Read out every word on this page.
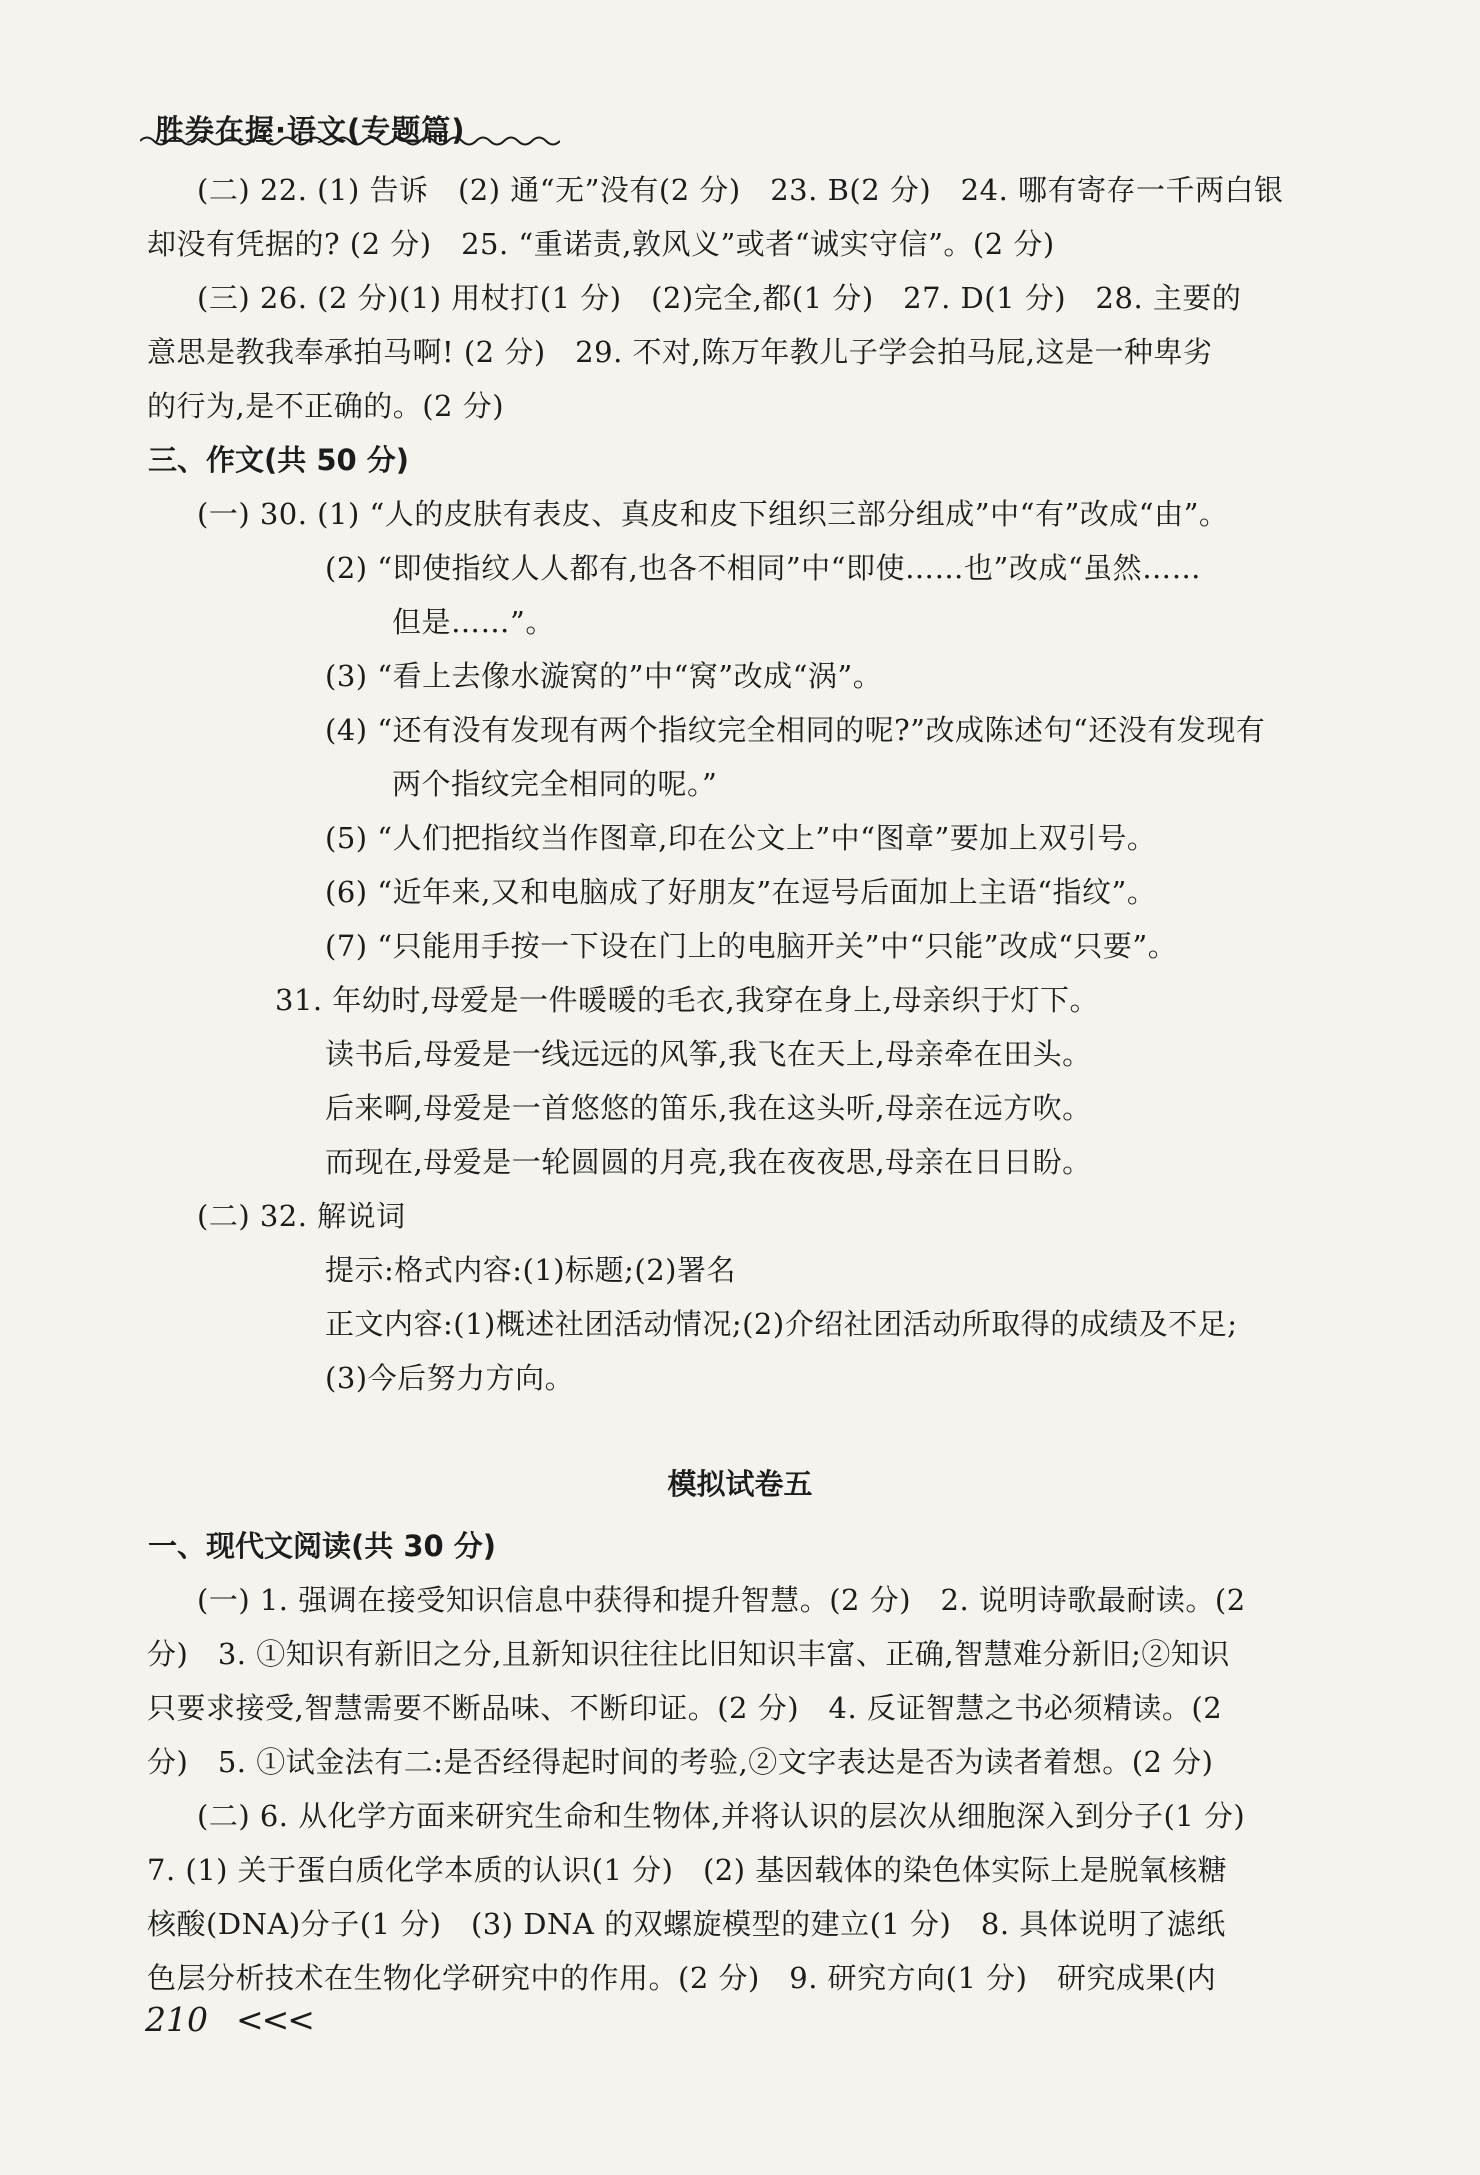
胜券在握·语文(专题篇)
(二) 22. (1) 告诉　(2) 通“无”没有(2 分)　23. B(2 分)　24. 哪有寄存一千两白银
却没有凭据的? (2 分)　25. “重诺责,敦风义”或者“诚实守信”。(2 分)
(三) 26. (2 分)(1) 用杖打(1 分)　(2)完全,都(1 分)　27. D(1 分)　28. 主要的
意思是教我奉承拍马啊! (2 分)　29. 不对,陈万年教儿子学会拍马屁,这是一种卑劣
的行为,是不正确的。(2 分)
三、作文(共 50 分)
(一) 30. (1) “人的皮肤有表皮、真皮和皮下组织三部分组成”中“有”改成“由”。
(2) “即使指纹人人都有,也各不相同”中“即使……也”改成“虽然……
但是……”。
(3) “看上去像水漩窝的”中“窝”改成“涡”。
(4) “还有没有发现有两个指纹完全相同的呢?”改成陈述句“还没有发现有
两个指纹完全相同的呢。”
(5) “人们把指纹当作图章,印在公文上”中“图章”要加上双引号。
(6) “近年来,又和电脑成了好朋友”在逗号后面加上主语“指纹”。
(7) “只能用手按一下设在门上的电脑开关”中“只能”改成“只要”。
31. 年幼时,母爱是一件暖暖的毛衣,我穿在身上,母亲织于灯下。
读书后,母爱是一线远远的风筝,我飞在天上,母亲牵在田头。
后来啊,母爱是一首悠悠的笛乐,我在这头听,母亲在远方吹。
而现在,母爱是一轮圆圆的月亮,我在夜夜思,母亲在日日盼。
(二) 32. 解说词
提示:格式内容:(1)标题;(2)署名
正文内容:(1)概述社团活动情况;(2)介绍社团活动所取得的成绩及不足;
(3)今后努力方向。
模拟试卷五
一、现代文阅读(共 30 分)
(一) 1. 强调在接受知识信息中获得和提升智慧。(2 分)　2. 说明诗歌最耐读。(2
分)　3. ①知识有新旧之分,且新知识往往比旧知识丰富、正确,智慧难分新旧;②知识
只要求接受,智慧需要不断品味、不断印证。(2 分)　4. 反证智慧之书必须精读。(2
分)　5. ①试金法有二:是否经得起时间的考验,②文字表达是否为读者着想。(2 分)
(二) 6. 从化学方面来研究生命和生物体,并将认识的层次从细胞深入到分子(1 分)
7. (1) 关于蛋白质化学本质的认识(1 分)　(2) 基因载体的染色体实际上是脱氧核糖
核酸(DNA)分子(1 分)　(3) DNA 的双螺旋模型的建立(1 分)　8. 具体说明了滤纸
色层分析技术在生物化学研究中的作用。(2 分)　9. 研究方向(1 分)　研究成果(内
210 <<<
